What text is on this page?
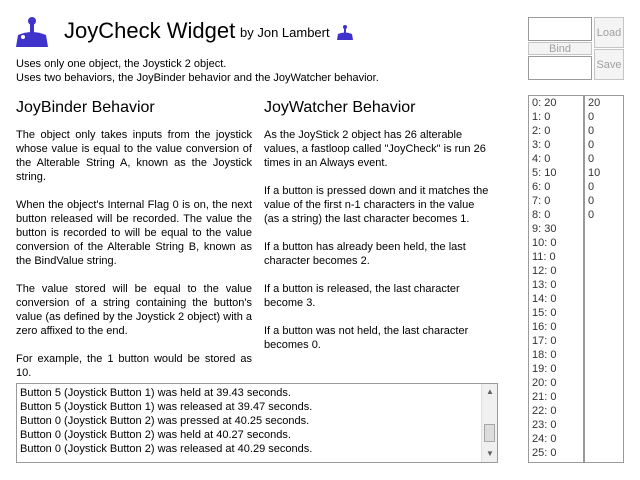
JoyCheck Widget by Jon Lambert
Uses only one object, the Joystick 2 object.
Uses two behaviors, the JoyBinder behavior and the JoyWatcher behavior.
JoyBinder Behavior

The object only takes inputs from the joystick whose value is equal to the value conversion of the Alterable String A, known as the Joystick string.

When the object's Internal Flag 0 is on, the next button released will be recorded. The value the button is recorded to will be equal to the value conversion of the Alterable String B, known as the BindValue string.

The value stored will be equal to the value conversion of a string containing the button's value (as defined by the Joystick 2 object) with a zero affixed to the end.

For example, the 1 button would be stored as 10.

JoyWatcher Behavior

As the JoyStick 2 object has 26 alterable values, a fastloop called "JoyCheck" is run 26 times in an Always event.

If a button is pressed down and it matches the value of the first n-1 characters in the value (as a string) the last character becomes 1.

If a button has already been held, the last character becomes 2.

If a button is released, the last character become 3.

If a button was not held, the last character becomes 0.

Button 5 (Joystick Button 1) was held at 39.43 seconds.
Button 5 (Joystick Button 1) was released at 39.47 seconds.
Button 0 (Joystick Button 2) was pressed at 40.25 seconds.
Button 0 (Joystick Button 2) was held at 40.27 seconds.
Button 0 (Joystick Button 2) was released at 40.29 seconds.
▲
▼
Load
Bind
Save
0: 20
1: 0
2: 0
3: 0
4: 0
5: 10
6: 0
7: 0
8: 0
9: 30
10: 0
11: 0
12: 0
13: 0
14: 0
15: 0
16: 0
17: 0
18: 0
19: 0
20: 0
21: 0
22: 0
23: 0
24: 0
25: 0
20
0
0
0
0
10
0
0
0
